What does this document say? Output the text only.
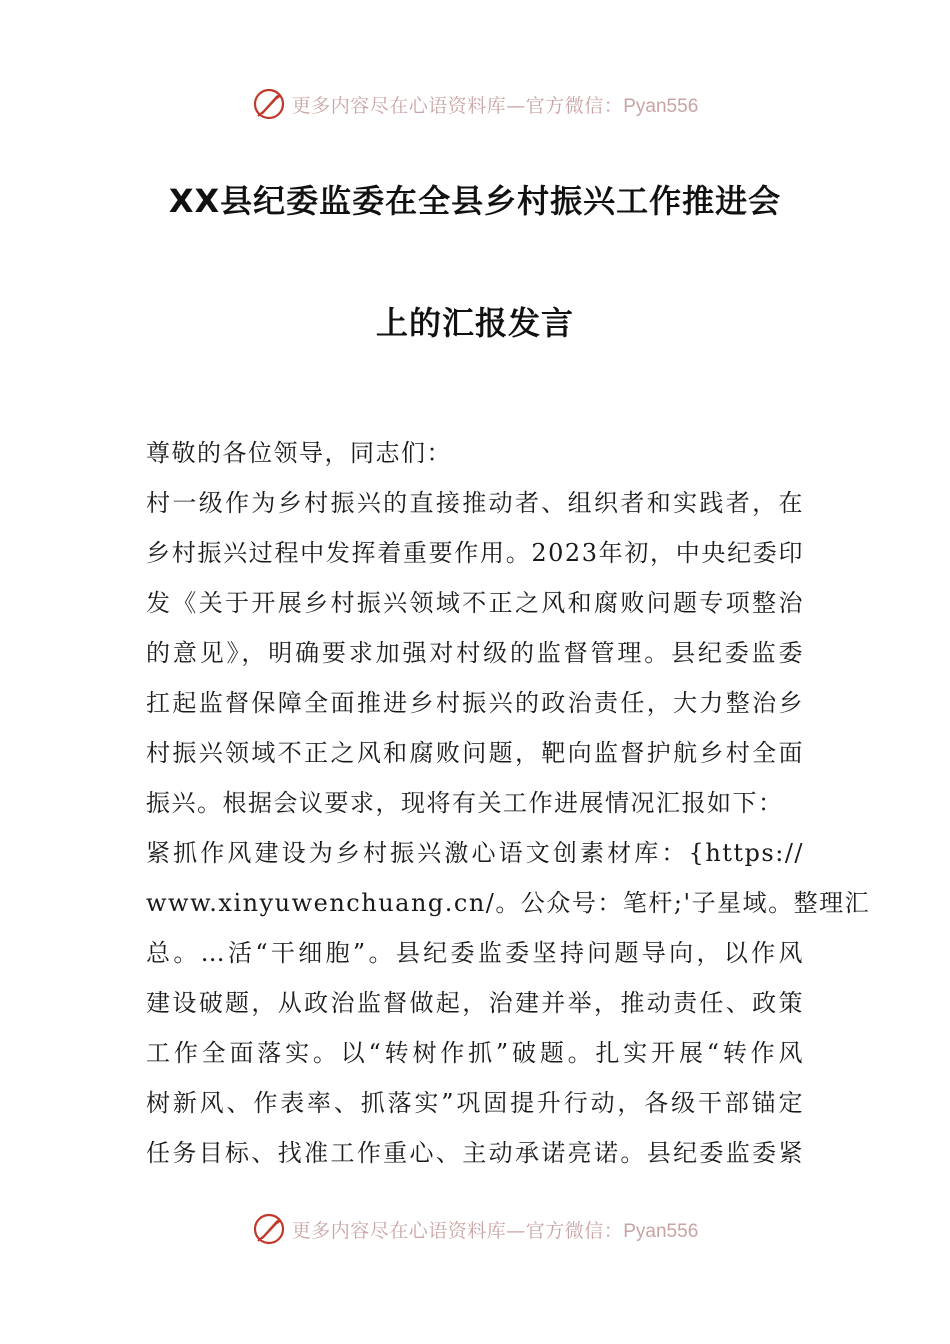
更多内容尽在心语资料库—官方微信：Pyan556
XX县纪委监委在全县乡村振兴工作推进会
上的汇报发言
尊敬的各位领导，同志们：
村一级作为乡村振兴的直接推动者、组织者和实践者，在
乡村振兴过程中发挥着重要作用。2023年初，中央纪委印
发《关于开展乡村振兴领域不正之风和腐败问题专项整治
的意见》，明确要求加强对村级的监督管理。县纪委监委
扛起监督保障全面推进乡村振兴的政治责任，大力整治乡
村振兴领域不正之风和腐败问题，靶向监督护航乡村全面
振兴。根据会议要求，现将有关工作进展情况汇报如下：
紧抓作风建设为乡村振兴激心语文创素材库：{https://
www.xinyuwenchuang.cn/。公众号：笔杆;'子星域。整理汇
总。…活“干细胞”。县纪委监委坚持问题导向，以作风
建设破题，从政治监督做起，治建并举，推动责任、政策
工作全面落实。以“转树作抓”破题。扎实开展“转作风
树新风、作表率、抓落实”巩固提升行动，各级干部锚定
任务目标、找准工作重心、主动承诺亮诺。县纪委监委紧
更多内容尽在心语资料库—官方微信：Pyan556
